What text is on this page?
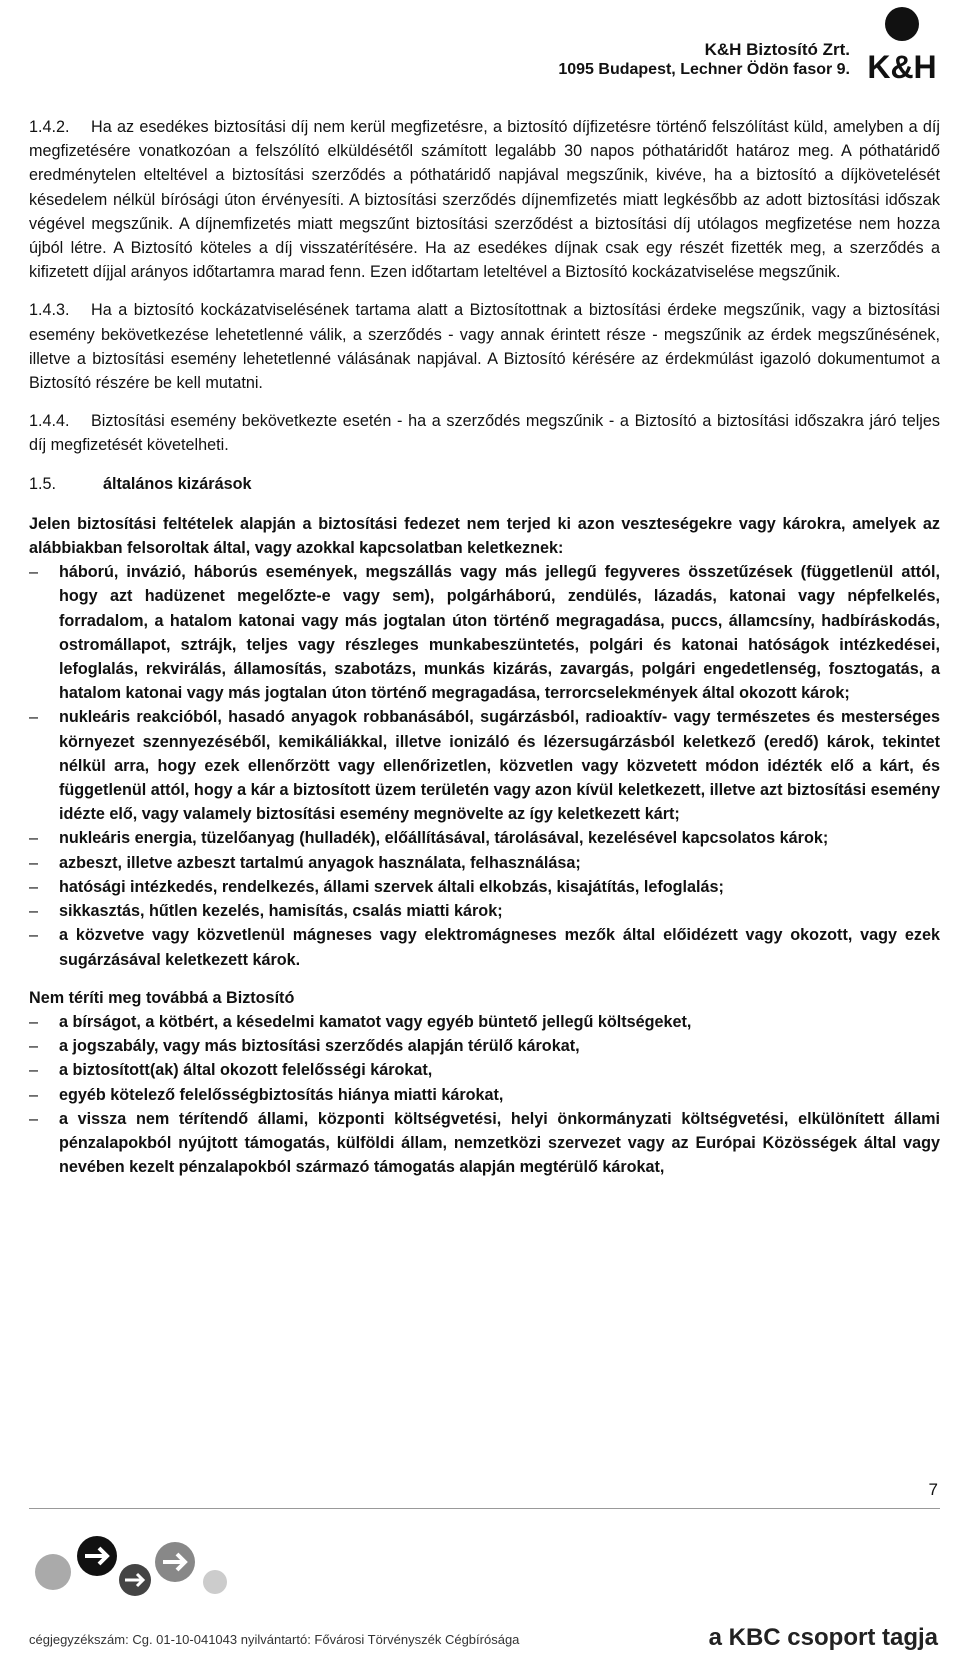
K&H Biztosító Zrt.
1095 Budapest, Lechner Ödön fasor 9. K&H

1.4.2. Ha az esedékes biztosítási díj nem kerül megfizetésre, a biztosító díjfizetésre történő felszólítást küld, amelyben a díj megfizetésére vonatkozóan a felszólító elküldésétől számított legalább 30 napos póthatáridőt határoz meg. A póthatáridő eredménytelen elteltével a biztosítási szerződés a póthatáridő napjával megszűnik, kivéve, ha a biztosító a díjkövetelését késedelem nélkül bírósági úton érvényesíti. A biztosítási szerződés díjnemfizetés miatt legkésőbb az adott biztosítási időszak végével megszűnik. A díjnemfizetés miatt megszűnt biztosítási szerződést a biztosítási díj utólagos megfizetése nem hozza újból létre. A Biztosító köteles a díj visszatérítésére. Ha az esedékes díjnak csak egy részét fizették meg, a szerződés a kifizetett díjjal arányos időtartamra marad fenn. Ezen időtartam leteltével a Biztosító kockázatviselése megszűnik.

1.4.3. Ha a biztosító kockázatviselésének tartama alatt a Biztosítottnak a biztosítási érdeke megszűnik, vagy a biztosítási esemény bekövetkezése lehetetlenné válik, a szerződés - vagy annak érintett része - megszűnik az érdek megszűnésének, illetve a biztosítási esemény lehetetlenné válásának napjával. A Biztosító kérésére az érdekmúlást igazoló dokumentumot a Biztosító részére be kell mutatni.

1.4.4. Biztosítási esemény bekövetkezte esetén - ha a szerződés megszűnik - a Biztosító a biztosítási időszakra járó teljes díj megfizetését követelheti.

1.5.	általános kizárások

Jelen biztosítási feltételek alapján a biztosítási fedezet nem terjed ki azon veszteségekre vagy károkra, amelyek az alábbiakban felsoroltak által, vagy azokkal kapcsolatban keletkeznek:

– háború, invázió, háborús események, megszállás vagy más jellegű fegyveres összetűzések (függetlenül attól, hogy azt hadüzenet megelőzte-e vagy sem), polgárháború, zendülés, lázadás, katonai vagy népfelkelés, forradalom, a hatalom katonai vagy más jogtalan úton történő megragadása, puccs, államcsíny, hadbíráskodás, ostromállapot, sztrájk, teljes vagy részleges munkabeszüntetés, polgári és katonai hatóságok intézkedései, lefoglalás, rekvirálás, államosítás, szabotázs, munkás kizárás, zavargás, polgári engedetlenség, fosztogatás, a hatalom katonai vagy más jogtalan úton történő megragadása, terrorcselekmények által okozott károk;
– nukleáris reakcióból, hasadó anyagok robbanásából, sugárzásból, radioaktív- vagy természetes és mesterséges környezet szennyezéséből, kemikáliákkal, illetve ionizáló és lézersugárzásból keletkező (eredő) károk, tekintet nélkül arra, hogy ezek ellenőrzött vagy ellenőrizetlen, közvetlen vagy közvetett módon idézték elő a kárt, és függetlenül attól, hogy a kár a biztosított üzem területén vagy azon kívül keletkezett, illetve azt biztosítási esemény idézte elő, vagy valamely biztosítási esemény megnövelte az így keletkezett kárt;
– nukleáris energia, tüzelőanyag (hulladék), előállításával, tárolásával, kezelésével kapcsolatos károk;
– azbeszt, illetve azbeszt tartalmú anyagok használata, felhasználása;
– hatósági intézkedés, rendelkezés, állami szervek általi elkobzás, kisajátítás, lefoglalás;
– sikkasztás, hűtlen kezelés, hamisítás, csalás miatti károk;
– a közvetve vagy közvetlenül mágneses vagy elektromágneses mezők által előidézett vagy okozott, vagy ezek sugárzásával keletkezett károk.

Nem téríti meg továbbá a Biztosító

– a bírságot, a kötbért, a késedelmi kamatot vagy egyéb büntető jellegű költségeket,
– a jogszabály, vagy más biztosítási szerződés alapján térülő károkat,
– a biztosított(ak) által okozott felelősségi károkat,
– egyéb kötelező felelősségbiztosítás hiánya miatti károkat,
– a vissza nem térítendő állami, központi költségvetési, helyi önkormányzati költségvetési, elkülönített állami pénzalapokból nyújtott támogatás, külföldi állam, nemzetközi szervezet vagy az Európai Közösségek által vagy nevében kezelt pénzalapokból származó támogatás alapján megtérülő károkat,
7
cégjegyzékszám: Cg. 01-10-041043 nyilvántartó: Fővárosi Törvényszék Cégbírósága	a KBC csoport tagja
